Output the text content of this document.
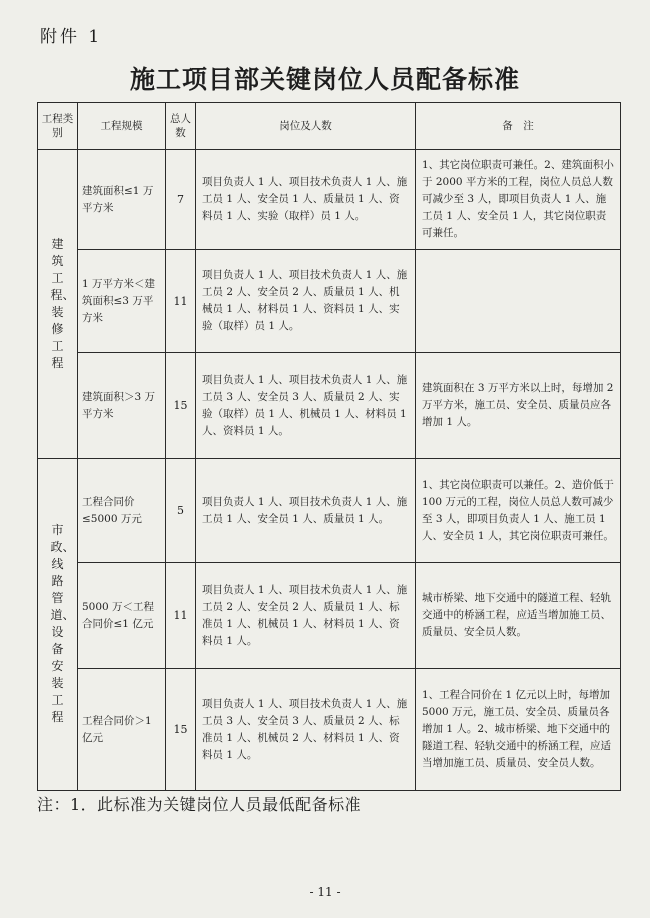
附件 1
施工项目部关键岗位人员配备标准
工程类别	工程规模	总人数	岗位及人数	备　注
建筑工程、装修工程	建筑面积≤1 万平方米	7	项目负责人 1 人、项目技术负责人 1 人、施工员 1 人、安全员 1 人、质量员 1 人、资料员 1 人、实验（取样）员 1 人。	1、其它岗位职责可兼任。2、建筑面积小于 2000 平方米的工程，岗位人员总人数可减少至 3 人，即项目负责人 1 人、施工员 1 人、安全员 1 人，其它岗位职责可兼任。
	1 万平方米＜建筑面积≤3 万平方米	11	项目负责人 1 人、项目技术负责人 1 人、施工员 2 人、安全员 2 人、质量员 1 人、机械员 1 人、材料员 1 人、资料员 1 人、实验（取样）员 1 人。	
	建筑面积＞3 万平方米	15	项目负责人 1 人、项目技术负责人 1 人、施工员 3 人、安全员 3 人、质量员 2 人、实验（取样）员 1 人、机械员 1 人、材料员 1 人、资料员 1 人。	建筑面积在 3 万平方米以上时，每增加 2 万平方米，施工员、安全员、质量员应各增加 1 人。
市政、线路管道、设备安装工程	工程合同价≤5000 万元	5	项目负责人 1 人、项目技术负责人 1 人、施工员 1 人、安全员 1 人、质量员 1 人。	1、其它岗位职责可以兼任。2、造价低于 100 万元的工程，岗位人员总人数可减少至 3 人，即项目负责人 1 人、施工员 1 人、安全员 1 人，其它岗位职责可兼任。
	5000 万＜工程合同价≤1 亿元	11	项目负责人 1 人、项目技术负责人 1 人、施工员 2 人、安全员 2 人、质量员 1 人、标准员 1 人、机械员 1 人、材料员 1 人、资料员 1 人。	城市桥梁、地下交通中的隧道工程、轻轨交通中的桥涵工程，应适当增加施工员、质量员、安全员人数。
	工程合同价＞1 亿元	15	项目负责人 1 人、项目技术负责人 1 人、施工员 3 人、安全员 3 人、质量员 2 人、标准员 1 人、机械员 2 人、材料员 1 人、资料员 1 人。	1、工程合同价在 1 亿元以上时，每增加 5000 万元，施工员、安全员、质量员各增加 1 人。2、城市桥梁、地下交通中的隧道工程、轻轨交通中的桥涵工程，应适当增加施工员、质量员、安全员人数。
注：1．此标准为关键岗位人员最低配备标准
- 11 -
